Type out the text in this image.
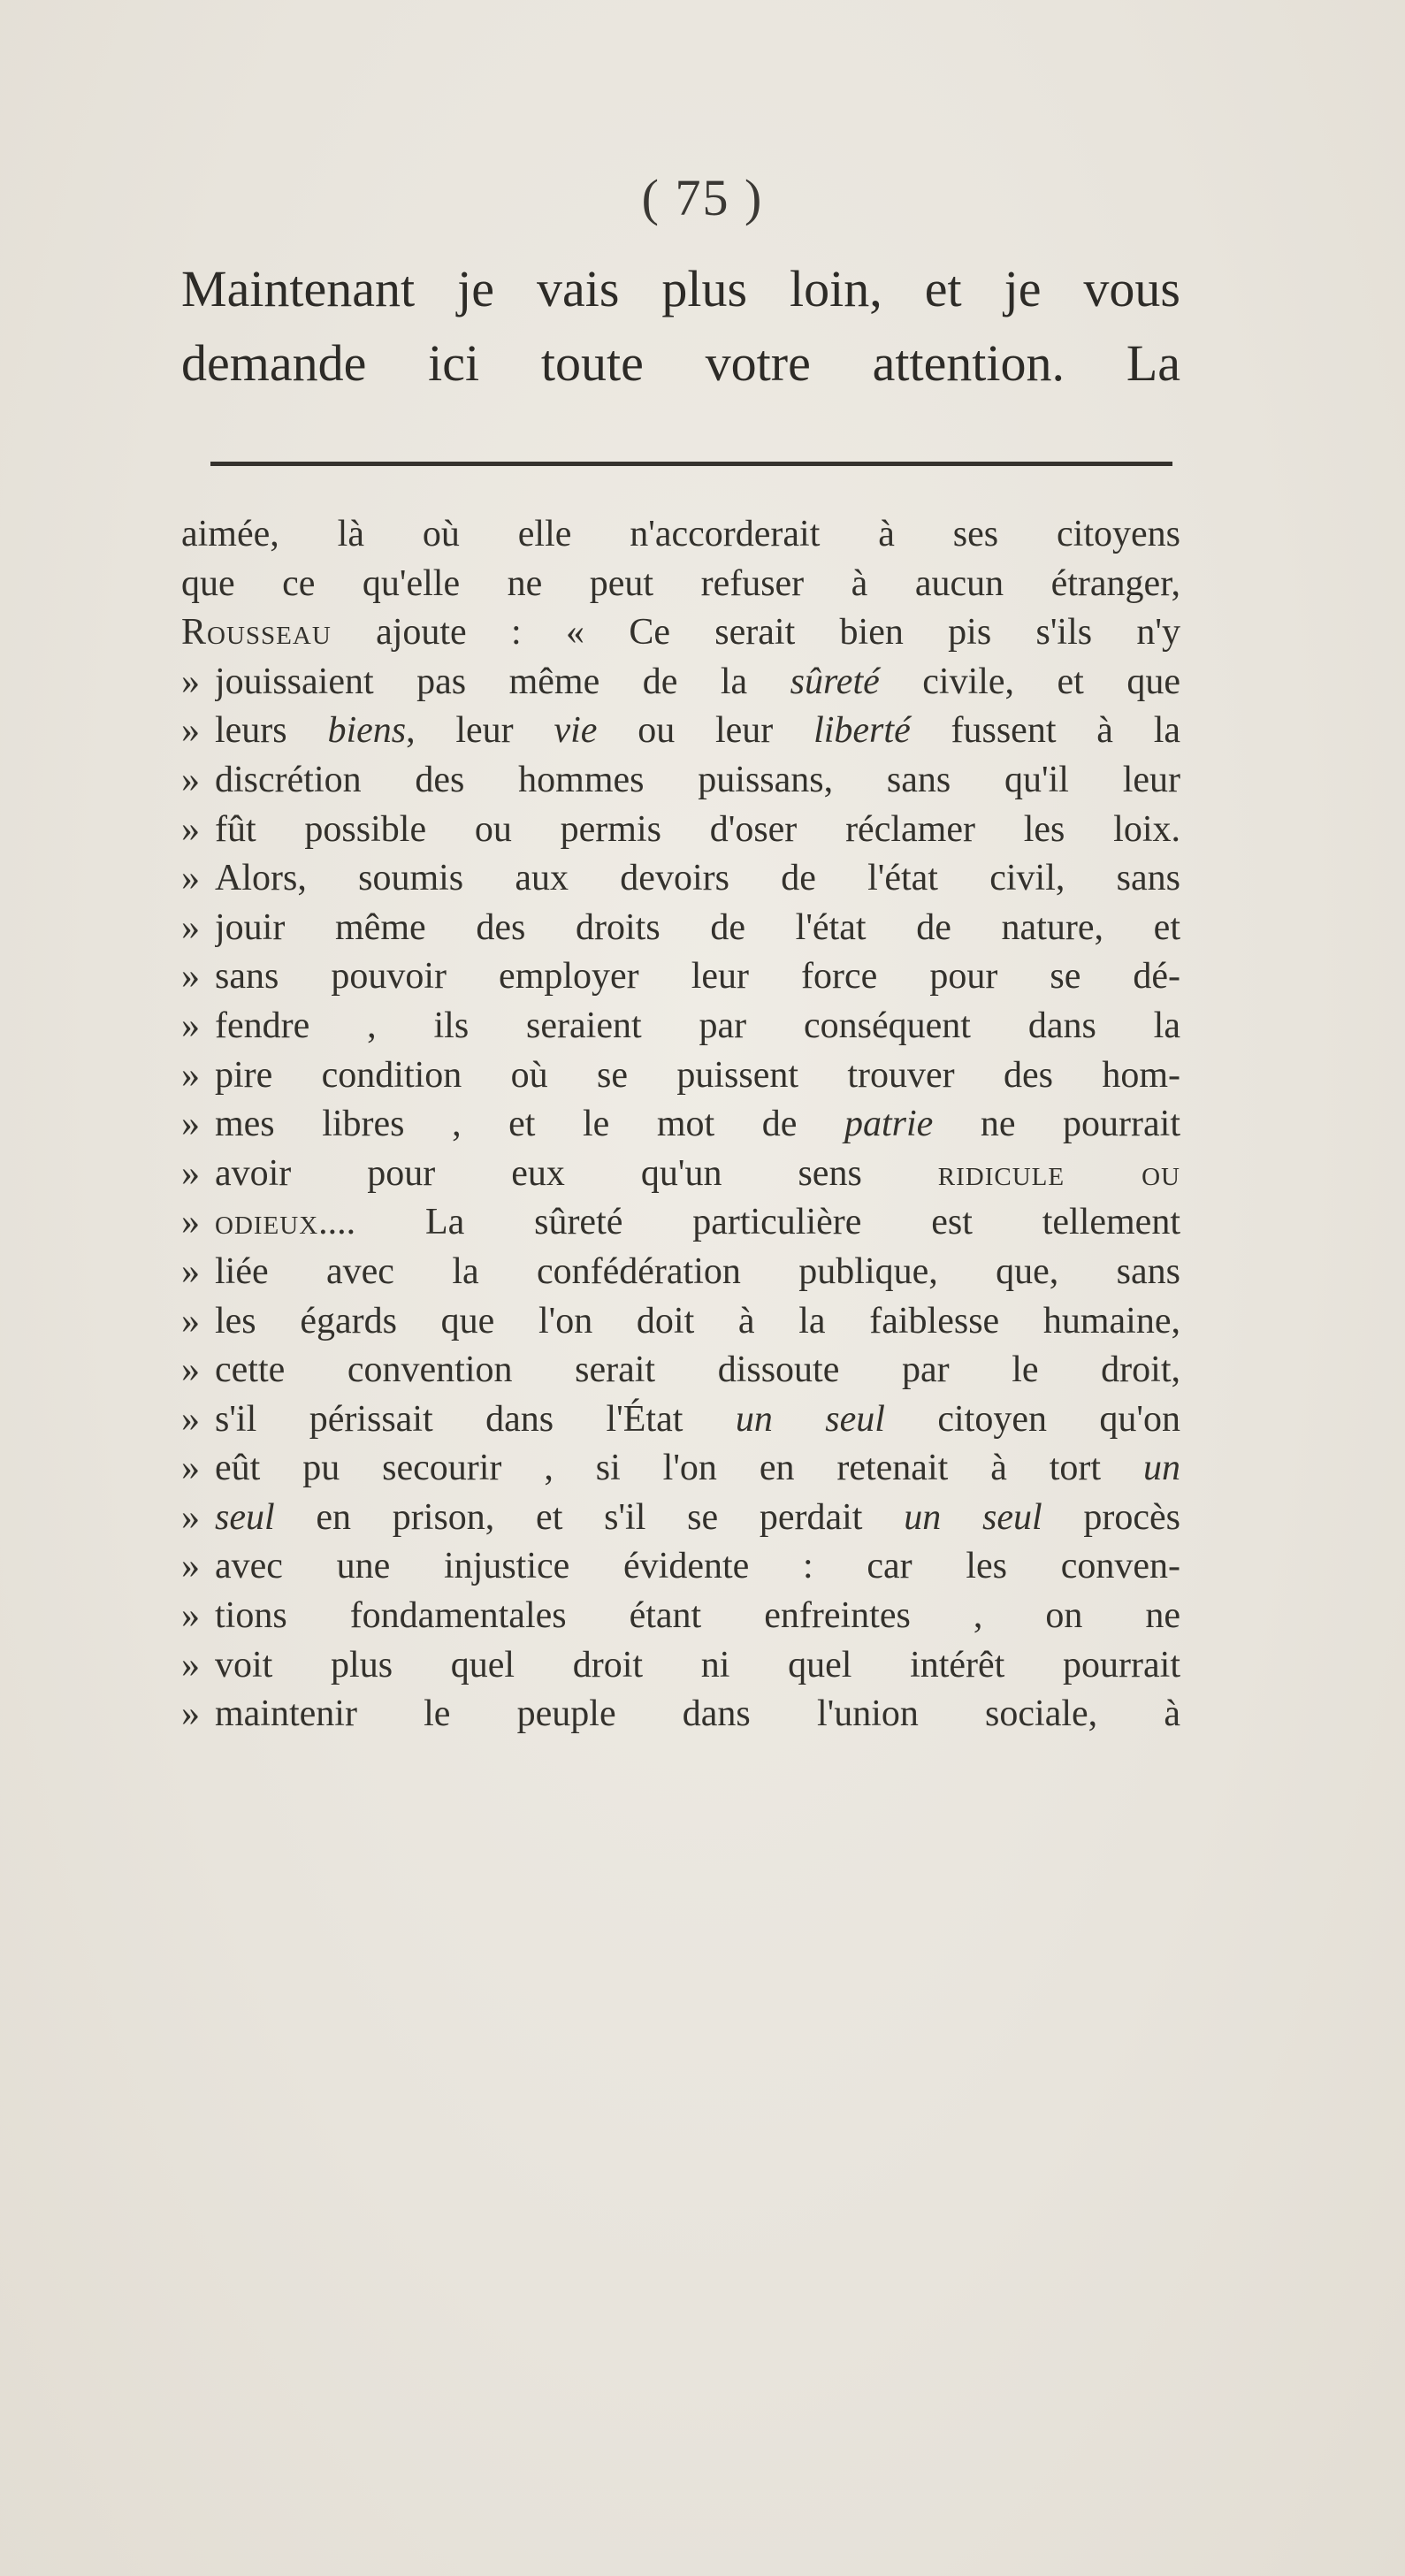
( 75 )
Maintenant je vais plus loin, et je vous
demande ici toute votre attention. La
aimée, là où elle n'accorderait à ses citoyens
que ce qu'elle ne peut refuser à aucun étranger,
Rousseau ajoute : « Ce serait bien pis s'ils n'y
» jouissaient pas même de la sûreté civile, et que
» leurs biens, leur vie ou leur liberté fussent à la
» discrétion des hommes puissans, sans qu'il leur
» fût possible ou permis d'oser réclamer les loix.
» Alors, soumis aux devoirs de l'état civil, sans
» jouir même des droits de l'état de nature, et
» sans pouvoir employer leur force pour se dé-
» fendre , ils seraient par conséquent dans la
» pire condition où se puissent trouver des hom-
» mes libres , et le mot de patrie ne pourrait
» avoir pour eux qu'un sens ridicule ou
» odieux.... La sûreté particulière est tellement
» liée avec la confédération publique, que, sans
» les égards que l'on doit à la faiblesse humaine,
» cette convention serait dissoute par le droit,
» s'il périssait dans l'État un seul citoyen qu'on
» eût pu secourir , si l'on en retenait à tort un
» seul en prison, et s'il se perdait un seul procès
» avec une injustice évidente : car les conven-
» tions fondamentales étant enfreintes , on ne
» voit plus quel droit ni quel intérêt pourrait
» maintenir le peuple dans l'union sociale, à
